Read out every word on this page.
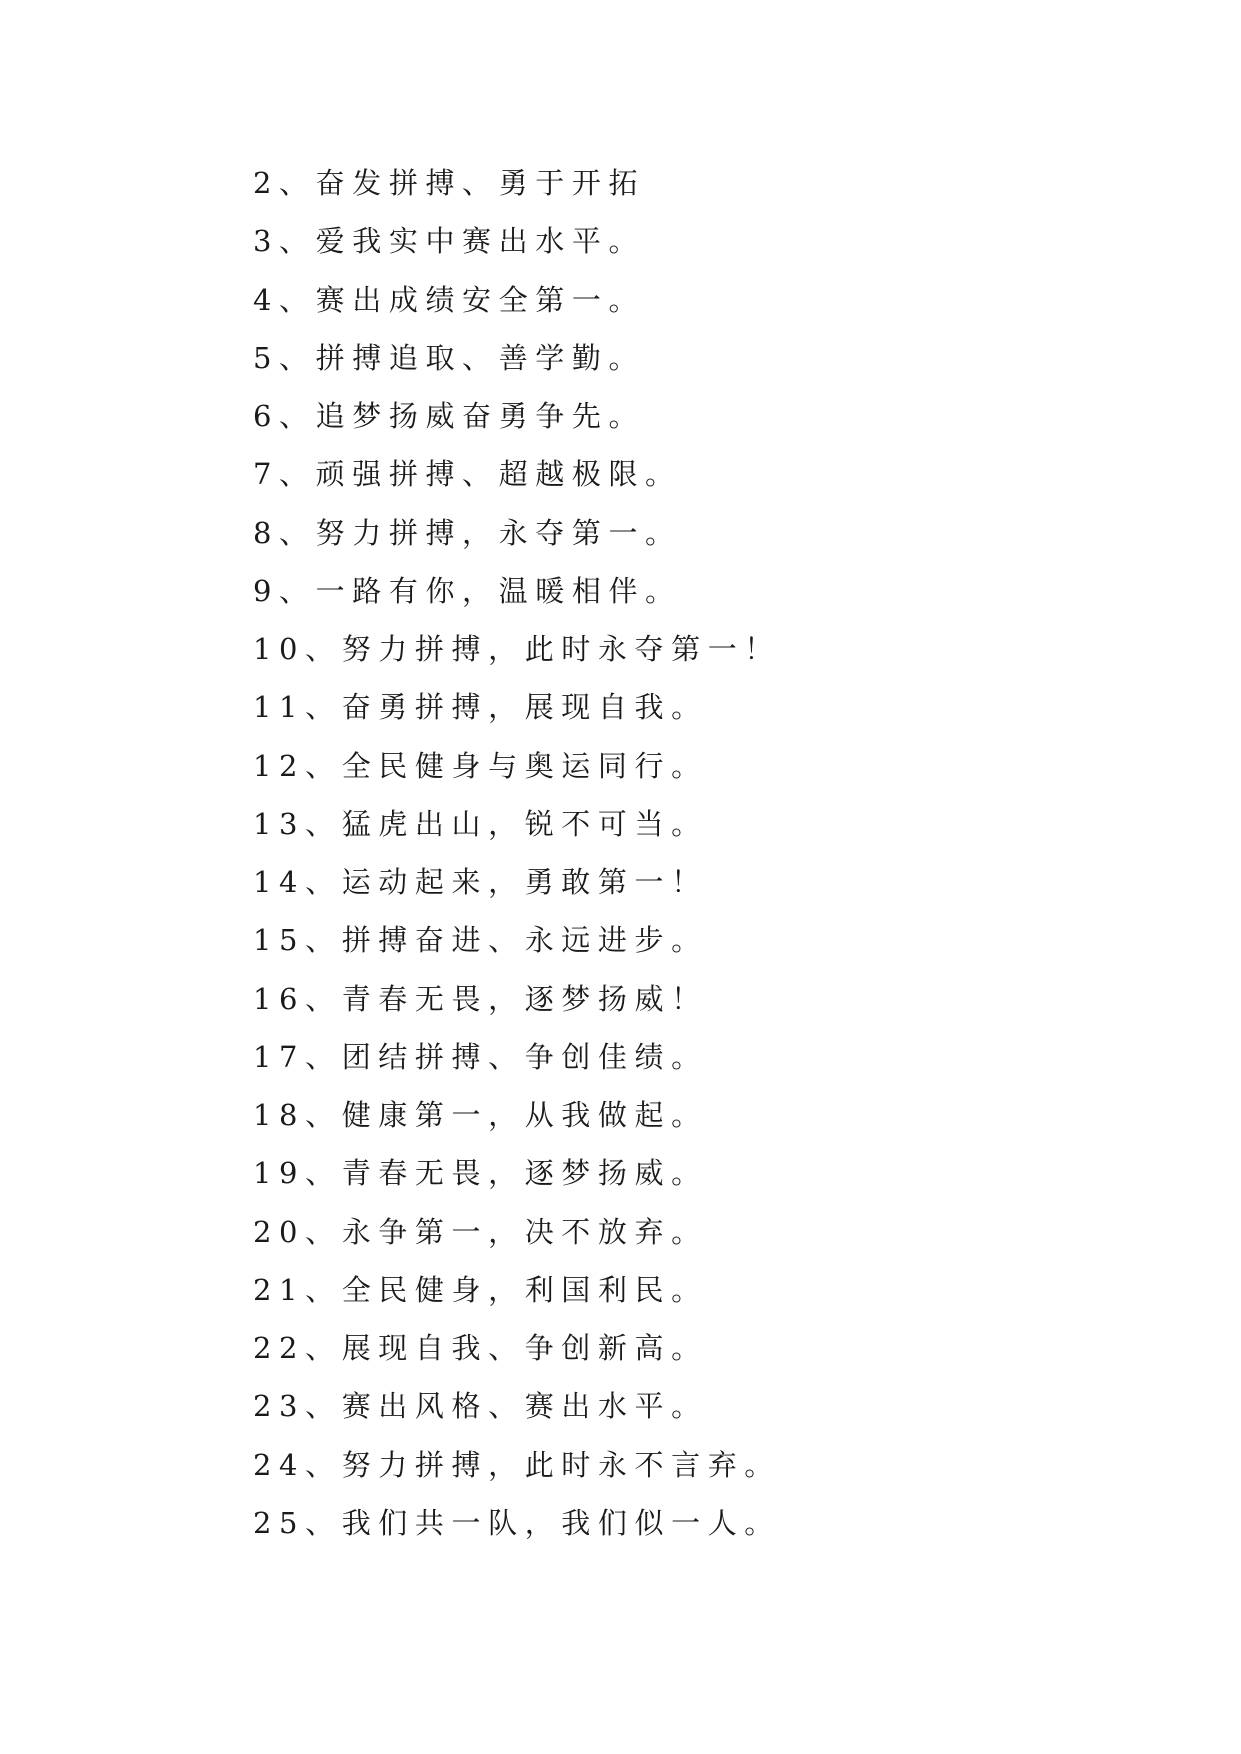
2、奋发拼搏、勇于开拓
3、爱我实中赛出水平。
4、赛出成绩安全第一。
5、拼搏追取、善学勤。
6、追梦扬威奋勇争先。
7、顽强拼搏、超越极限。
8、努力拼搏，永夺第一。
9、一路有你，温暖相伴。
10、努力拼搏，此时永夺第一！
11、奋勇拼搏，展现自我。
12、全民健身与奥运同行。
13、猛虎出山，锐不可当。
14、运动起来，勇敢第一！
15、拼搏奋进、永远进步。
16、青春无畏，逐梦扬威！
17、团结拼搏、争创佳绩。
18、健康第一，从我做起。
19、青春无畏，逐梦扬威。
20、永争第一，决不放弃。
21、全民健身，利国利民。
22、展现自我、争创新高。
23、赛出风格、赛出水平。
24、努力拼搏，此时永不言弃。
25、我们共一队，我们似一人。
